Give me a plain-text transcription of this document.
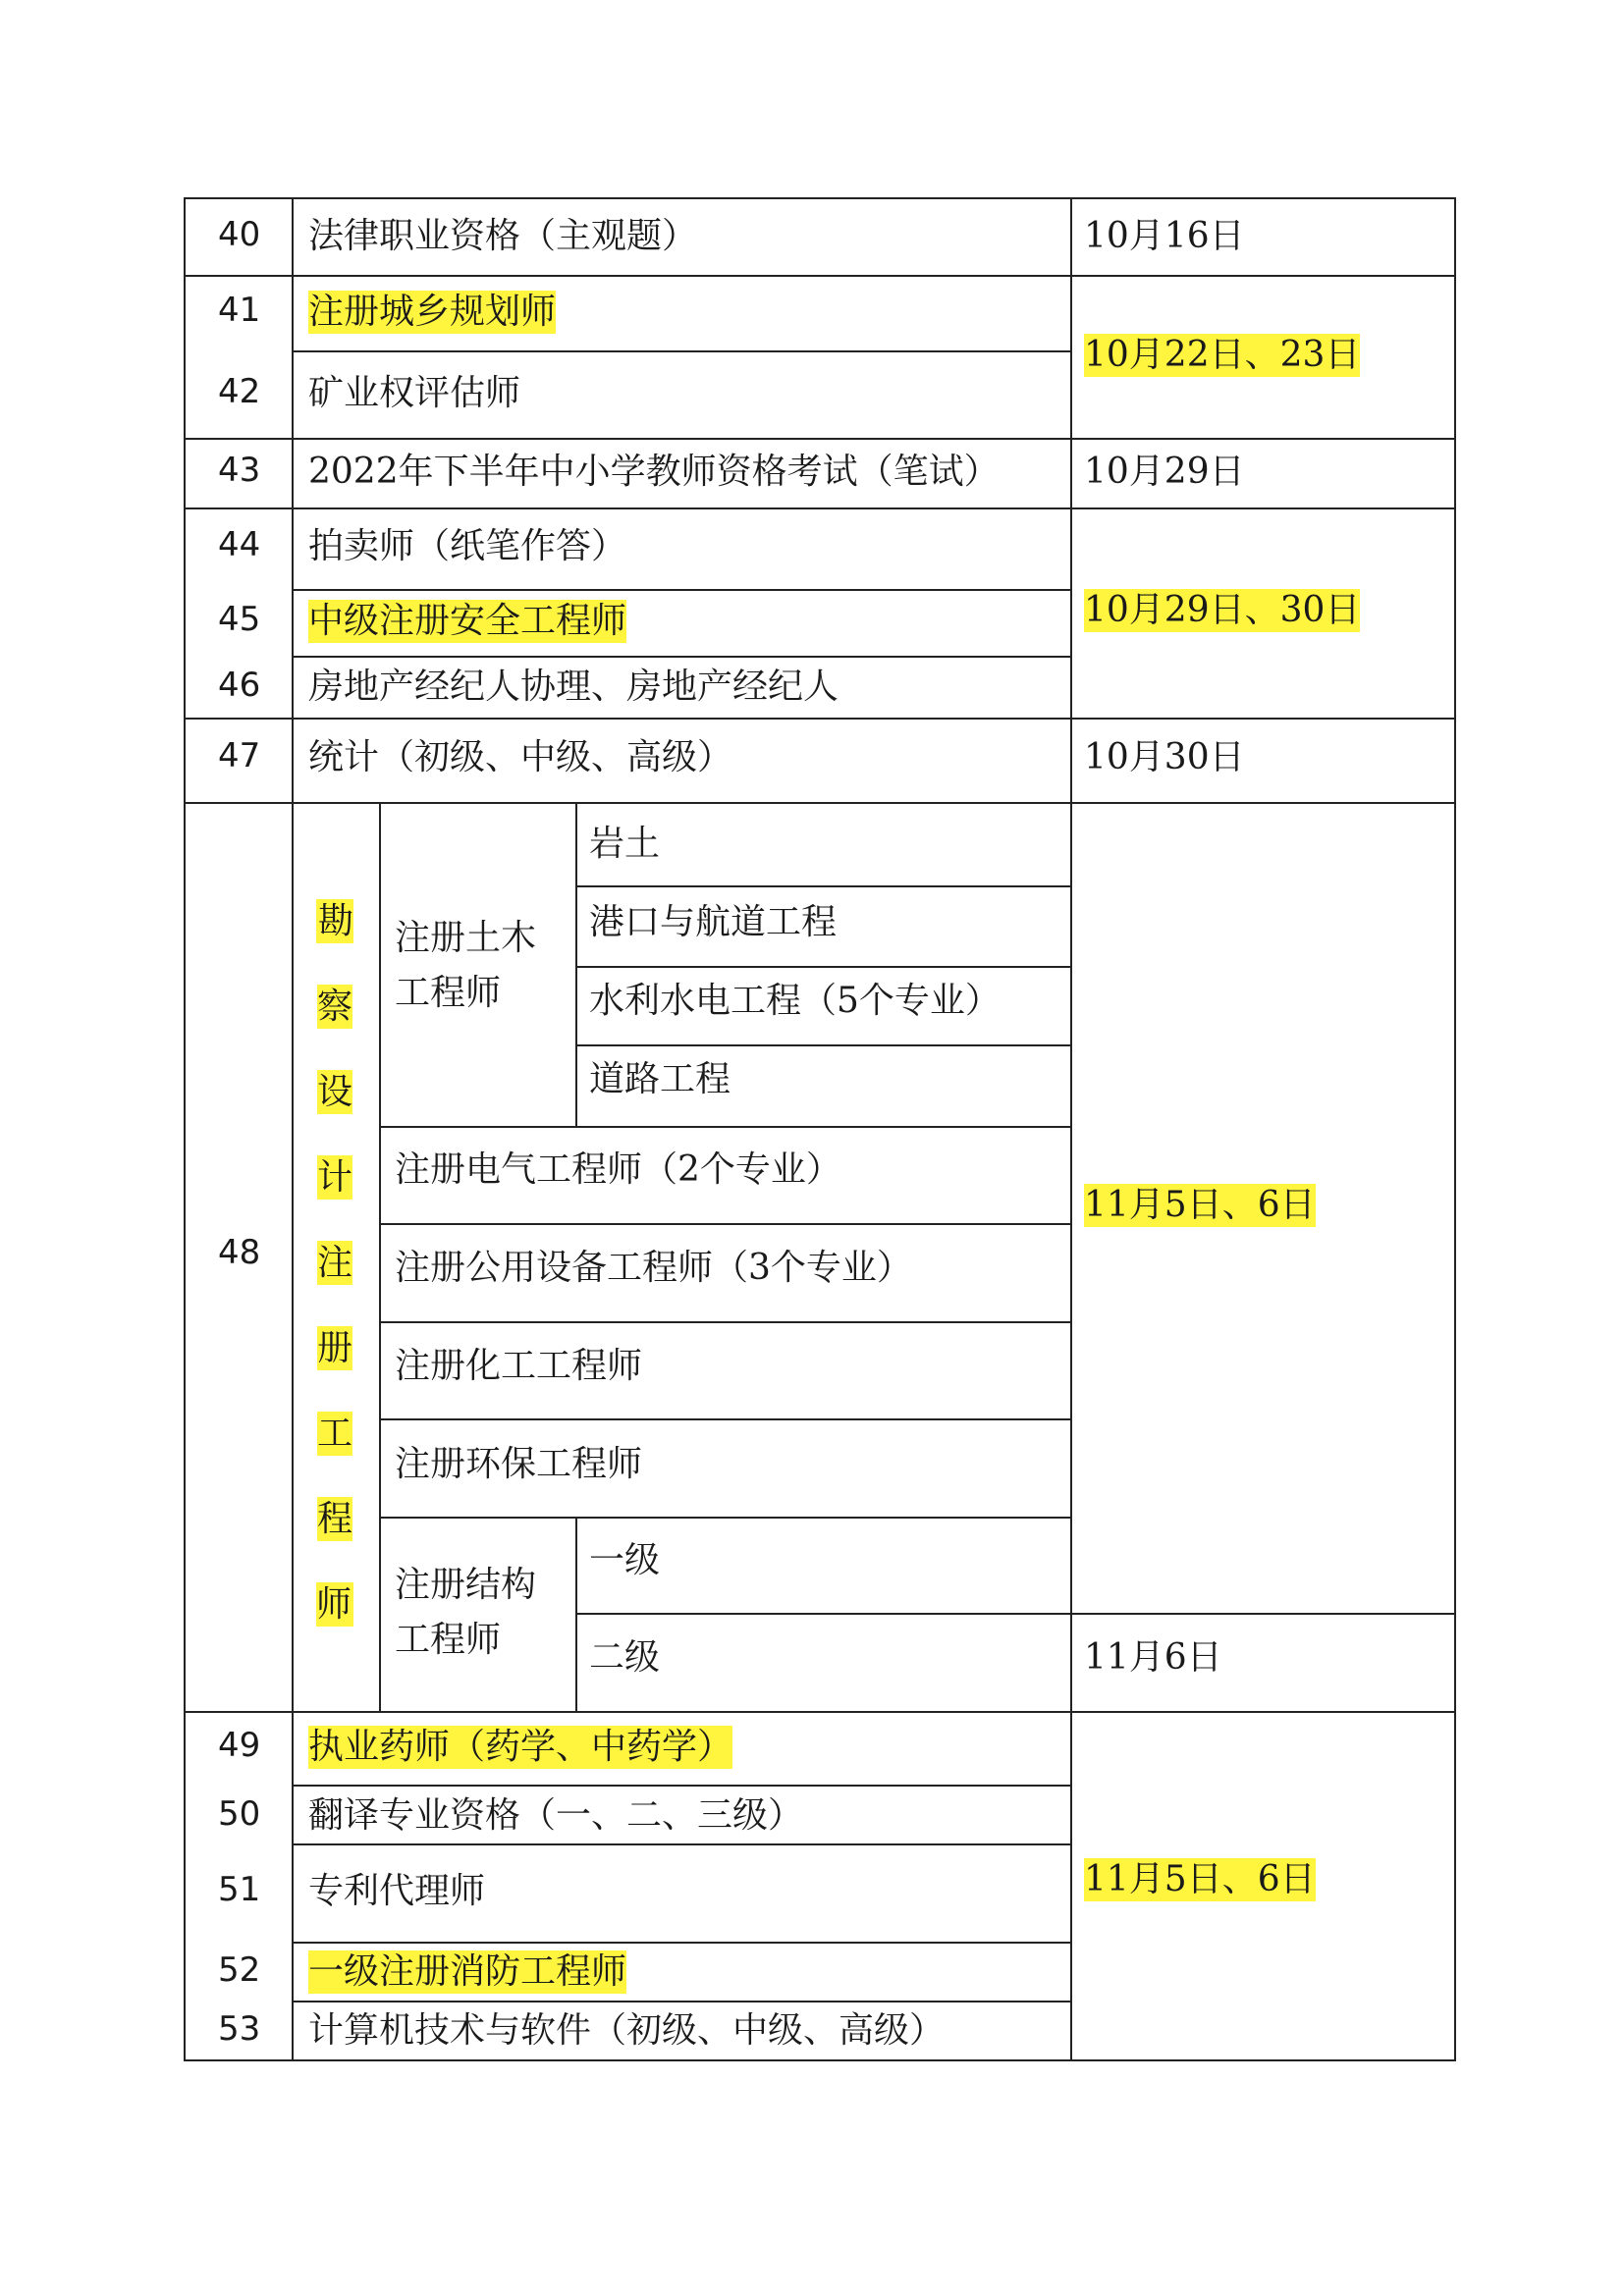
40
41
42
43
44
45
46
47
48
49
50
51
52
53
法律职业资格（主观题）
注册城乡规划师
矿业权评估师
2022年下半年中小学教师资格考试（笔试）
拍卖师（纸笔作答）
中级注册安全工程师
房地产经纪人协理、房地产经纪人
统计（初级、中级、高级）
执业药师（药学、中药学）
翻译专业资格（一、二、三级）
专利代理师
一级注册消防工程师
计算机技术与软件（初级、中级、高级）
勘察设计注册工程师
注册土木工程师
岩土
港口与航道工程
水利水电工程（5个专业）
道路工程
注册电气工程师（2个专业）
注册公用设备工程师（3个专业）
注册化工工程师
注册环保工程师
注册结构工程师
一级
二级
10月16日
10月22日、23日
10月29日
10月29日、30日
10月30日
11月5日、6日
11月6日
11月5日、6日
